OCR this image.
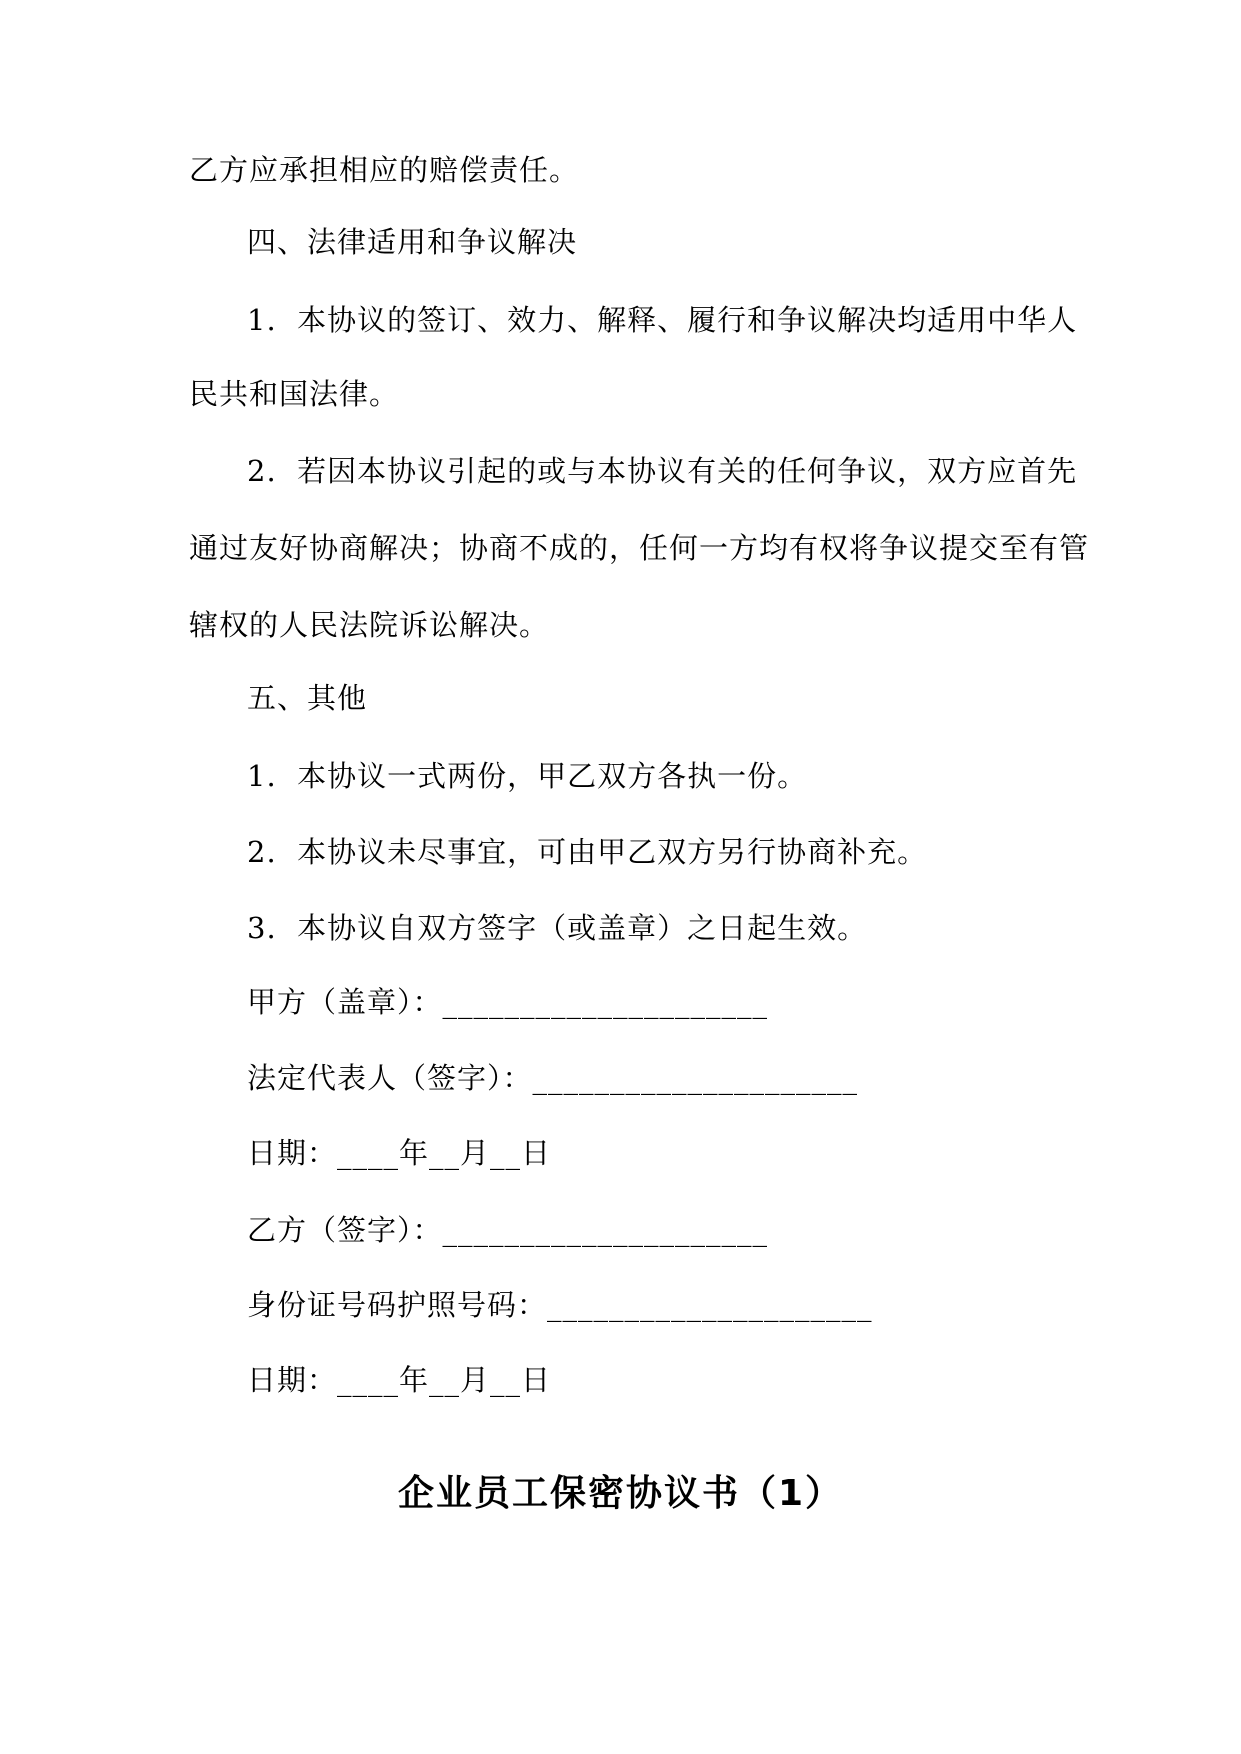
乙方应承担相应的赔偿责任。
四、法律适用和争议解决
1.  本协议的签订、效力、解释、履行和争议解决均适用中华人
民共和国法律。
2.  若因本协议引起的或与本协议有关的任何争议，双方应首先
通过友好协商解决；协商不成的，任何一方均有权将争议提交至有管
辖权的人民法院诉讼解决。
五、其他
1.  本协议一式两份，甲乙双方各执一份。
2.  本协议未尽事宜，可由甲乙双方另行协商补充。
3.  本协议自双方签字（或盖章）之日起生效。
甲方（盖章）：_____________________
法定代表人（签字）：_____________________
日期：____年__月__日
乙方（签字）：_____________________
身份证号码护照号码：_____________________
日期：____年__月__日
企业员工保密协议书（1）
